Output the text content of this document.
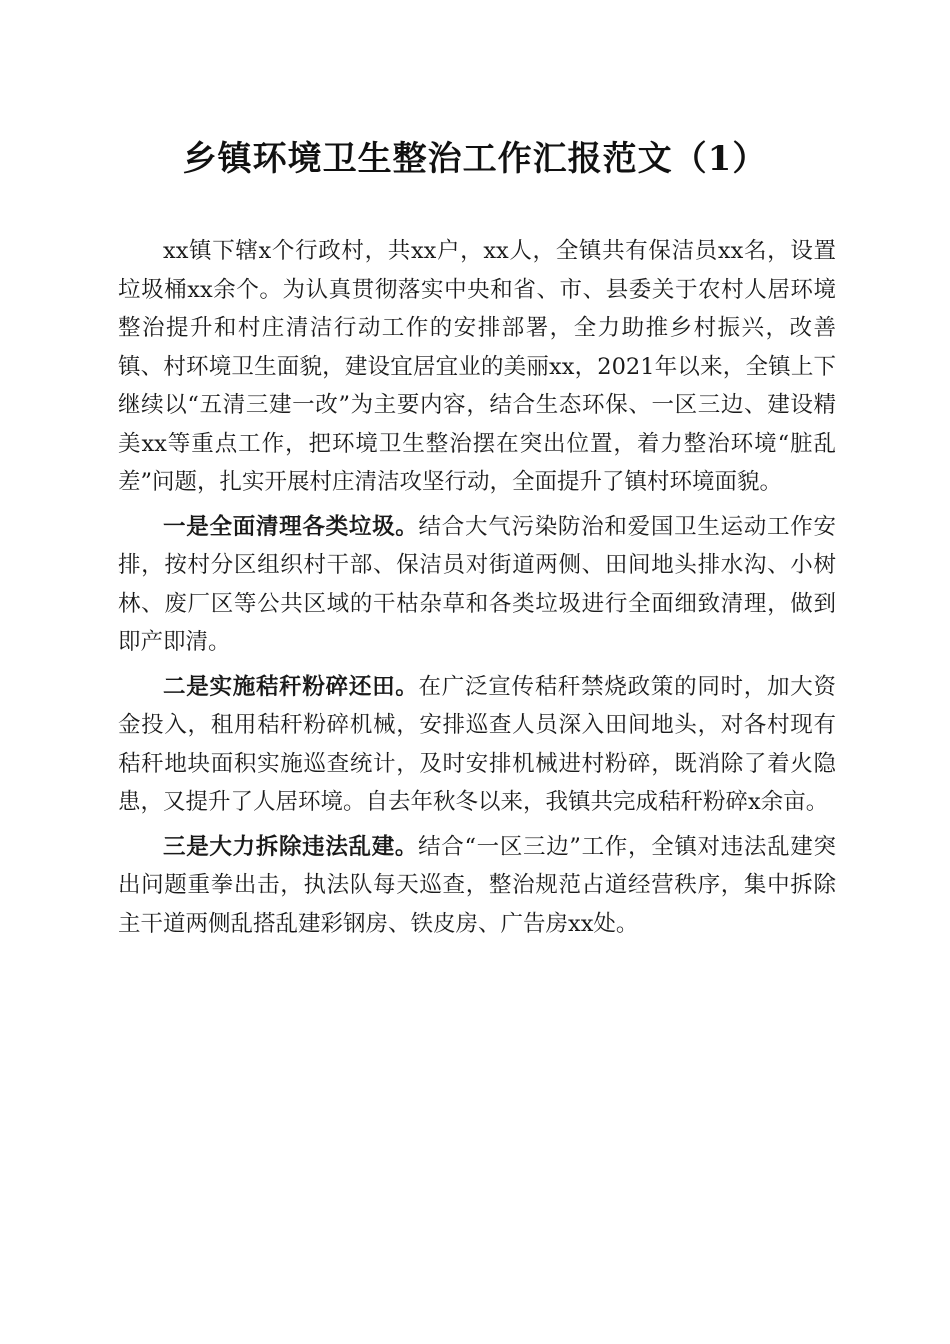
乡镇环境卫生整治工作汇报范文（1）

xx镇下辖x个行政村，共xx户，xx人，全镇共有保洁员xx名，设置垃圾桶xx余个。为认真贯彻落实中央和省、市、县委关于农村人居环境整治提升和村庄清洁行动工作的安排部署，全力助推乡村振兴，改善镇、村环境卫生面貌，建设宜居宜业的美丽xx，2021年以来，全镇上下继续以“五清三建一改”为主要内容，结合生态环保、一区三边、建设精美xx等重点工作，把环境卫生整治摆在突出位置，着力整治环境“脏乱差”问题，扎实开展村庄清洁攻坚行动，全面提升了镇村环境面貌。

一是全面清理各类垃圾。结合大气污染防治和爱国卫生运动工作安排，按村分区组织村干部、保洁员对街道两侧、田间地头排水沟、小树林、废厂区等公共区域的干枯杂草和各类垃圾进行全面细致清理，做到即产即清。

二是实施秸秆粉碎还田。在广泛宣传秸秆禁烧政策的同时，加大资金投入，租用秸秆粉碎机械，安排巡查人员深入田间地头，对各村现有秸秆地块面积实施巡查统计，及时安排机械进村粉碎，既消除了着火隐患，又提升了人居环境。自去年秋冬以来，我镇共完成秸秆粉碎x余亩。

三是大力拆除违法乱建。结合“一区三边”工作，全镇对违法乱建突出问题重拳出击，执法队每天巡查，整治规范占道经营秩序，集中拆除主干道两侧乱搭乱建彩钢房、铁皮房、广告房xx处。
